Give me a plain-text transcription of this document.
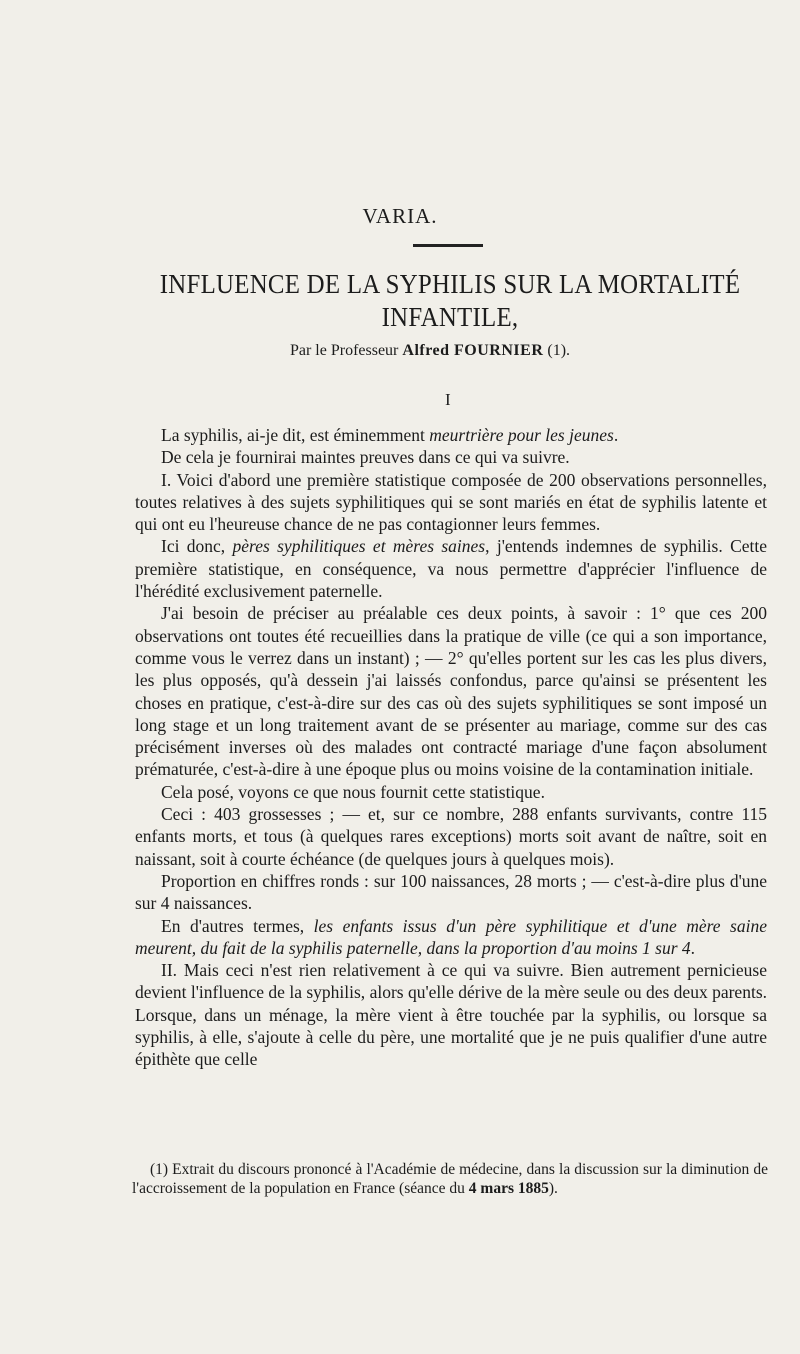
VARIA.
INFLUENCE DE LA SYPHILIS SUR LA MORTALITÉ
INFANTILE,
Par le Professeur Alfred FOURNIER (1).
I

La syphilis, ai-je dit, est éminemment meurtrière pour les jeunes.

De cela je fournirai maintes preuves dans ce qui va suivre.

I. Voici d'abord une première statistique composée de 200 observations personnelles, toutes relatives à des sujets syphilitiques qui se sont mariés en état de syphilis latente et qui ont eu l'heureuse chance de ne pas contagionner leurs femmes.

Ici donc, pères syphilitiques et mères saines, j'entends indemnes de syphilis. Cette première statistique, en conséquence, va nous permettre d'apprécier l'influence de l'hérédité exclusivement paternelle.

J'ai besoin de préciser au préalable ces deux points, à savoir : 1° que ces 200 observations ont toutes été recueillies dans la pratique de ville (ce qui a son importance, comme vous le verrez dans un instant) ; — 2° qu'elles portent sur les cas les plus divers, les plus opposés, qu'à dessein j'ai laissés confondus, parce qu'ainsi se présentent les choses en pratique, c'est-à-dire sur des cas où des sujets syphilitiques se sont imposé un long stage et un long traitement avant de se présenter au mariage, comme sur des cas précisément inverses où des malades ont contracté mariage d'une façon absolument prématurée, c'est-à-dire à une époque plus ou moins voisine de la contamination initiale.

Cela posé, voyons ce que nous fournit cette statistique.

Ceci : 403 grossesses ; — et, sur ce nombre, 288 enfants survivants, contre 115 enfants morts, et tous (à quelques rares exceptions) morts soit avant de naître, soit en naissant, soit à courte échéance (de quelques jours à quelques mois).

Proportion en chiffres ronds : sur 100 naissances, 28 morts ; — c'est-à-dire plus d'une sur 4 naissances.

En d'autres termes, les enfants issus d'un père syphilitique et d'une mère saine meurent, du fait de la syphilis paternelle, dans la proportion d'au moins 1 sur 4.

II. Mais ceci n'est rien relativement à ce qui va suivre. Bien autrement pernicieuse devient l'influence de la syphilis, alors qu'elle dérive de la mère seule ou des deux parents. Lorsque, dans un ménage, la mère vient à être touchée par la syphilis, ou lorsque sa syphilis, à elle, s'ajoute à celle du père, une mortalité que je ne puis qualifier d'une autre épithète que celle

(1) Extrait du discours prononcé à l'Académie de médecine, dans la discussion sur la diminution de l'accroissement de la population en France (séance du 4 mars 1885).
